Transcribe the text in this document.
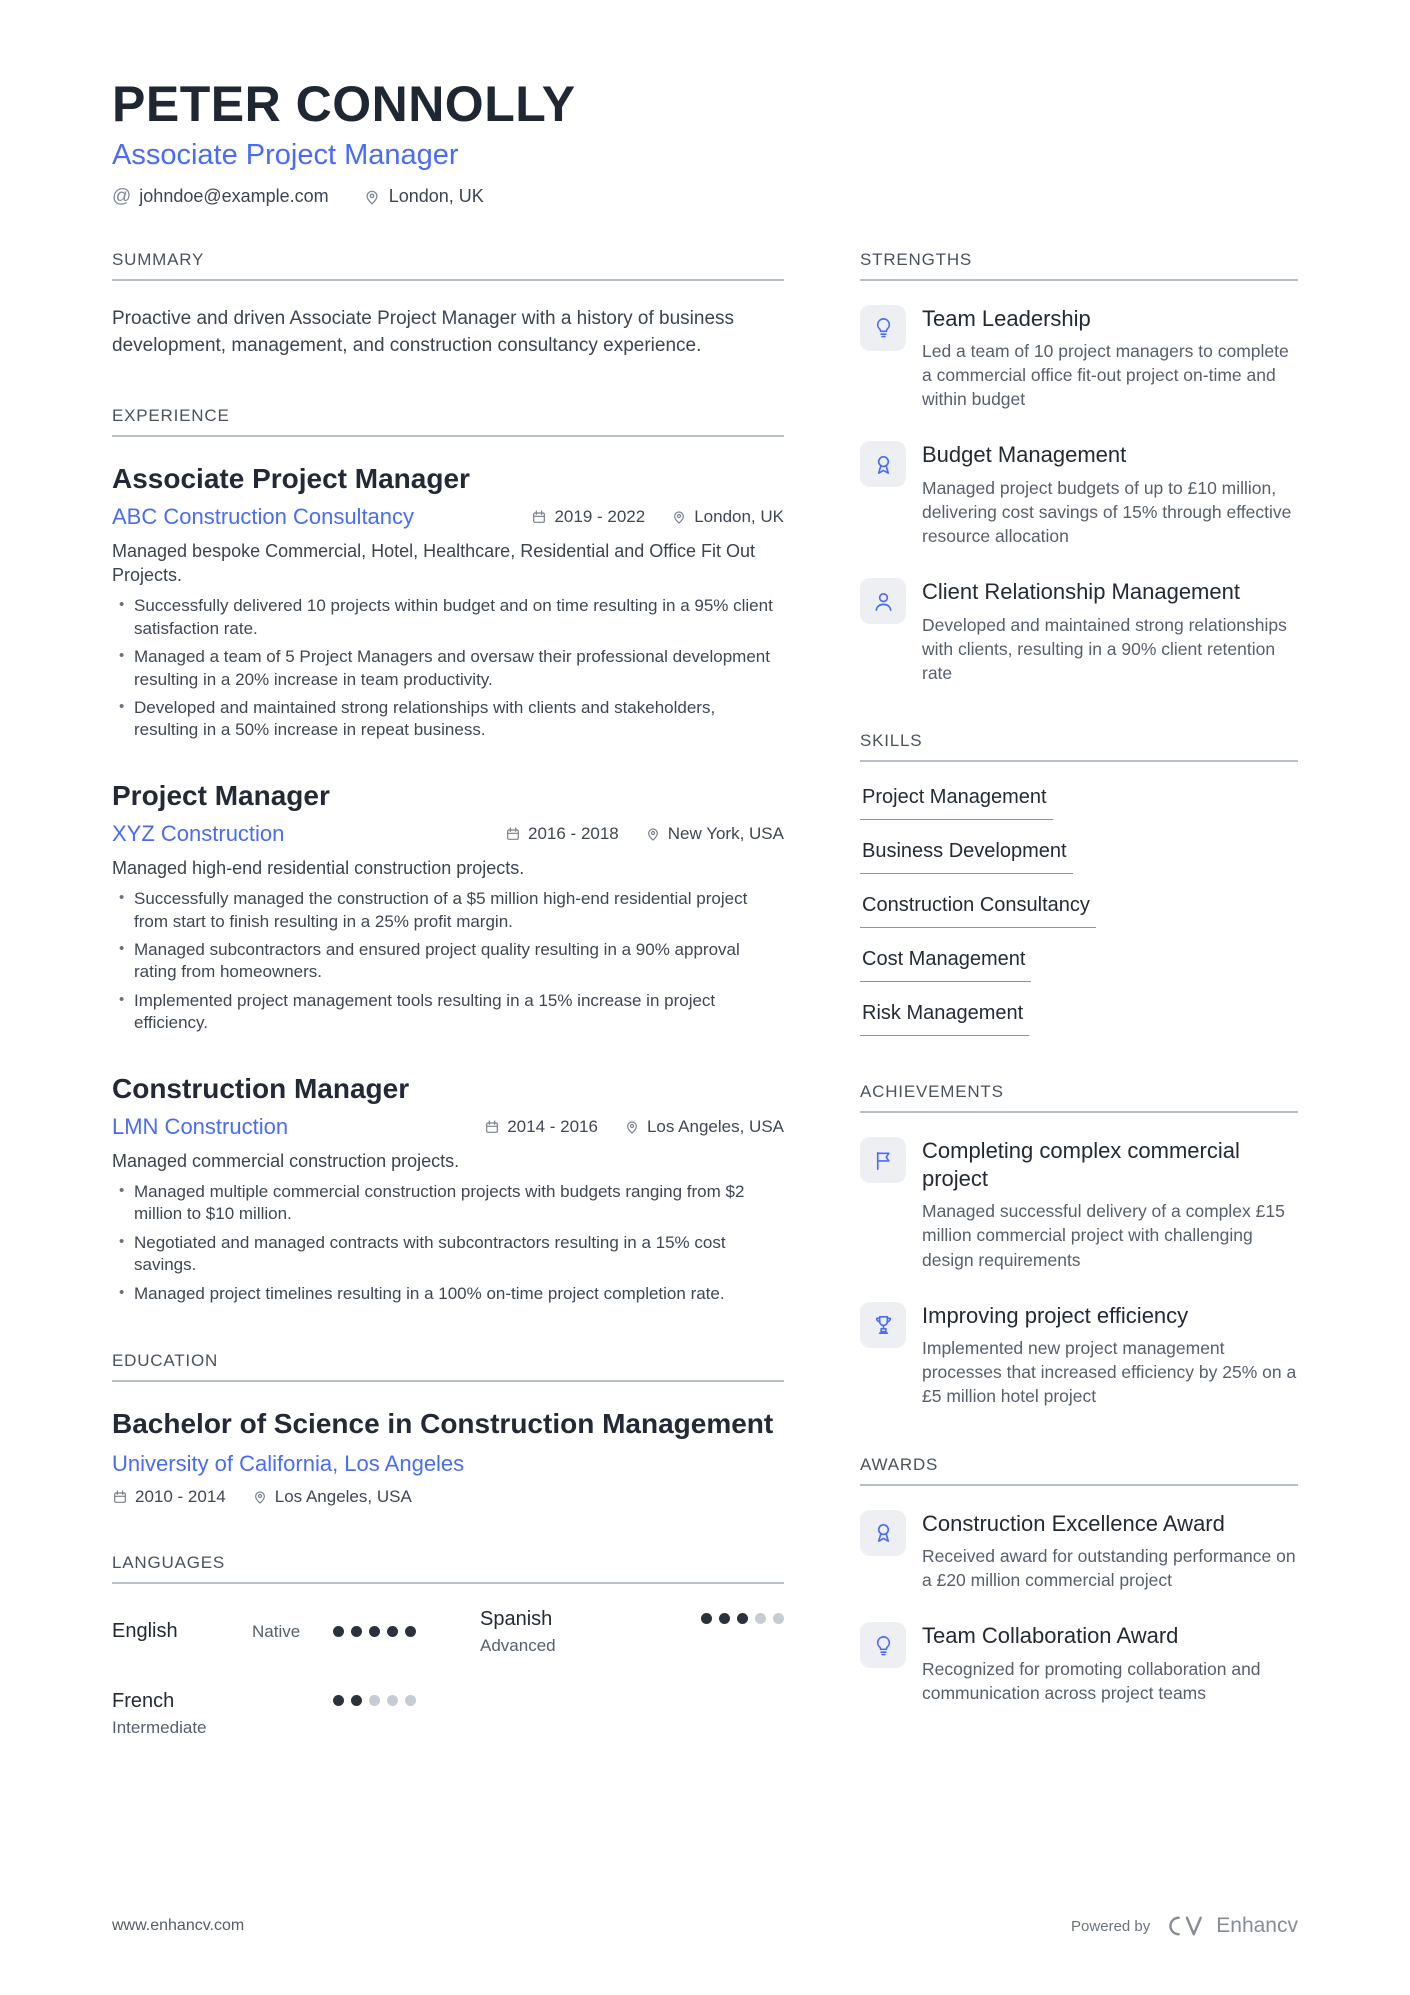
PETER CONNOLLY
Associate Project Manager
@ johndoe@example.com	London, UK
SUMMARY

Proactive and driven Associate Project Manager with a history of business development, management, and construction consultancy experience.

EXPERIENCE
Associate Project Manager
ABC Construction Consultancy	2019 - 2022	London, UK

Managed bespoke Commercial, Hotel, Healthcare, Residential and Office Fit Out Projects.

• Successfully delivered 10 projects within budget and on time resulting in a 95% client satisfaction rate.
• Managed a team of 5 Project Managers and oversaw their professional development resulting in a 20% increase in team productivity.
• Developed and maintained strong relationships with clients and stakeholders, resulting in a 50% increase in repeat business.
Project Manager
XYZ Construction	2016 - 2018	New York, USA

Managed high-end residential construction projects.

• Successfully managed the construction of a $5 million high-end residential project from start to finish resulting in a 25% profit margin.
• Managed subcontractors and ensured project quality resulting in a 90% approval rating from homeowners.
• Implemented project management tools resulting in a 15% increase in project efficiency.
Construction Manager
LMN Construction	2014 - 2016	Los Angeles, USA

Managed commercial construction projects.

• Managed multiple commercial construction projects with budgets ranging from $2 million to $10 million.
• Negotiated and managed contracts with subcontractors resulting in a 15% cost savings.
• Managed project timelines resulting in a 100% on-time project completion rate.
EDUCATION
Bachelor of Science in Construction Management
University of California, Los Angeles
2010 - 2014	Los Angeles, USA
LANGUAGES
English	Native
Spanish
Advanced
French
Intermediate
STRENGTHS
Team Leadership
Led a team of 10 project managers to complete a commercial office fit-out project on-time and within budget
Budget Management
Managed project budgets of up to £10 million, delivering cost savings of 15% through effective resource allocation
Client Relationship Management
Developed and maintained strong relationships with clients, resulting in a 90% client retention rate
SKILLS
Project Management
Business Development
Construction Consultancy
Cost Management
Risk Management
ACHIEVEMENTS
Completing complex commercial project
Managed successful delivery of a complex £15 million commercial project with challenging design requirements
Improving project efficiency
Implemented new project management processes that increased efficiency by 25% on a £5 million hotel project
AWARDS
Construction Excellence Award
Received award for outstanding performance on a £20 million commercial project
Team Collaboration Award
Recognized for promoting collaboration and communication across project teams
www.enhancv.com	Powered by	Enhancv
